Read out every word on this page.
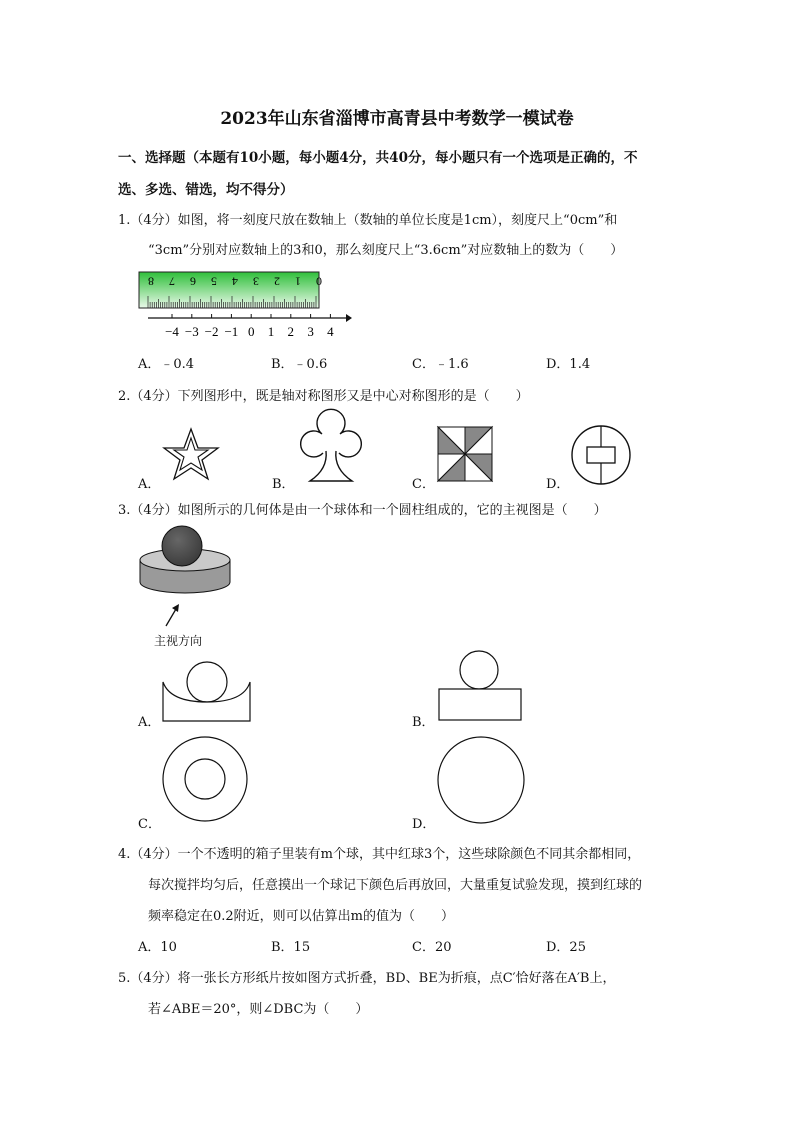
2023年山东省淄博市高青县中考数学一模试卷
一、选择题（本题有10小题，每小题4分，共40分，每小题只有一个选项是正确的，不
选、多选、错选，均不得分）
1.（4分）如图，将一刻度尺放在数轴上（数轴的单位长度是1cm），刻度尺上“0cm”和
“3cm”分别对应数轴上的3和0，那么刻度尺上“3.6cm”对应数轴上的数为（　　）
8 7 6 5 4 3 2 1 0
−4 −3 −2 −1 0 1 2 3 4
A．﹣0.4	B．﹣0.6	C．﹣1.6	D．1.4
2.（4分）下列图形中，既是轴对称图形又是中心对称图形的是（　　）
A．	B．	C．	D．
3.（4分）如图所示的几何体是由一个球体和一个圆柱组成的，它的主视图是（　　）
主视方向
A．	B．
C．	D．
4.（4分）一个不透明的箱子里装有m个球，其中红球3个，这些球除颜色不同其余都相同，
每次搅拌均匀后，任意摸出一个球记下颜色后再放回，大量重复试验发现，摸到红球的
频率稳定在0.2附近，则可以估算出m的值为（　　）
A．10	B．15	C．20	D．25
5.（4分）将一张长方形纸片按如图方式折叠，BD、BE为折痕，点C′恰好落在A′B上，
若∠ABE＝20°，则∠DBC为（　　）
